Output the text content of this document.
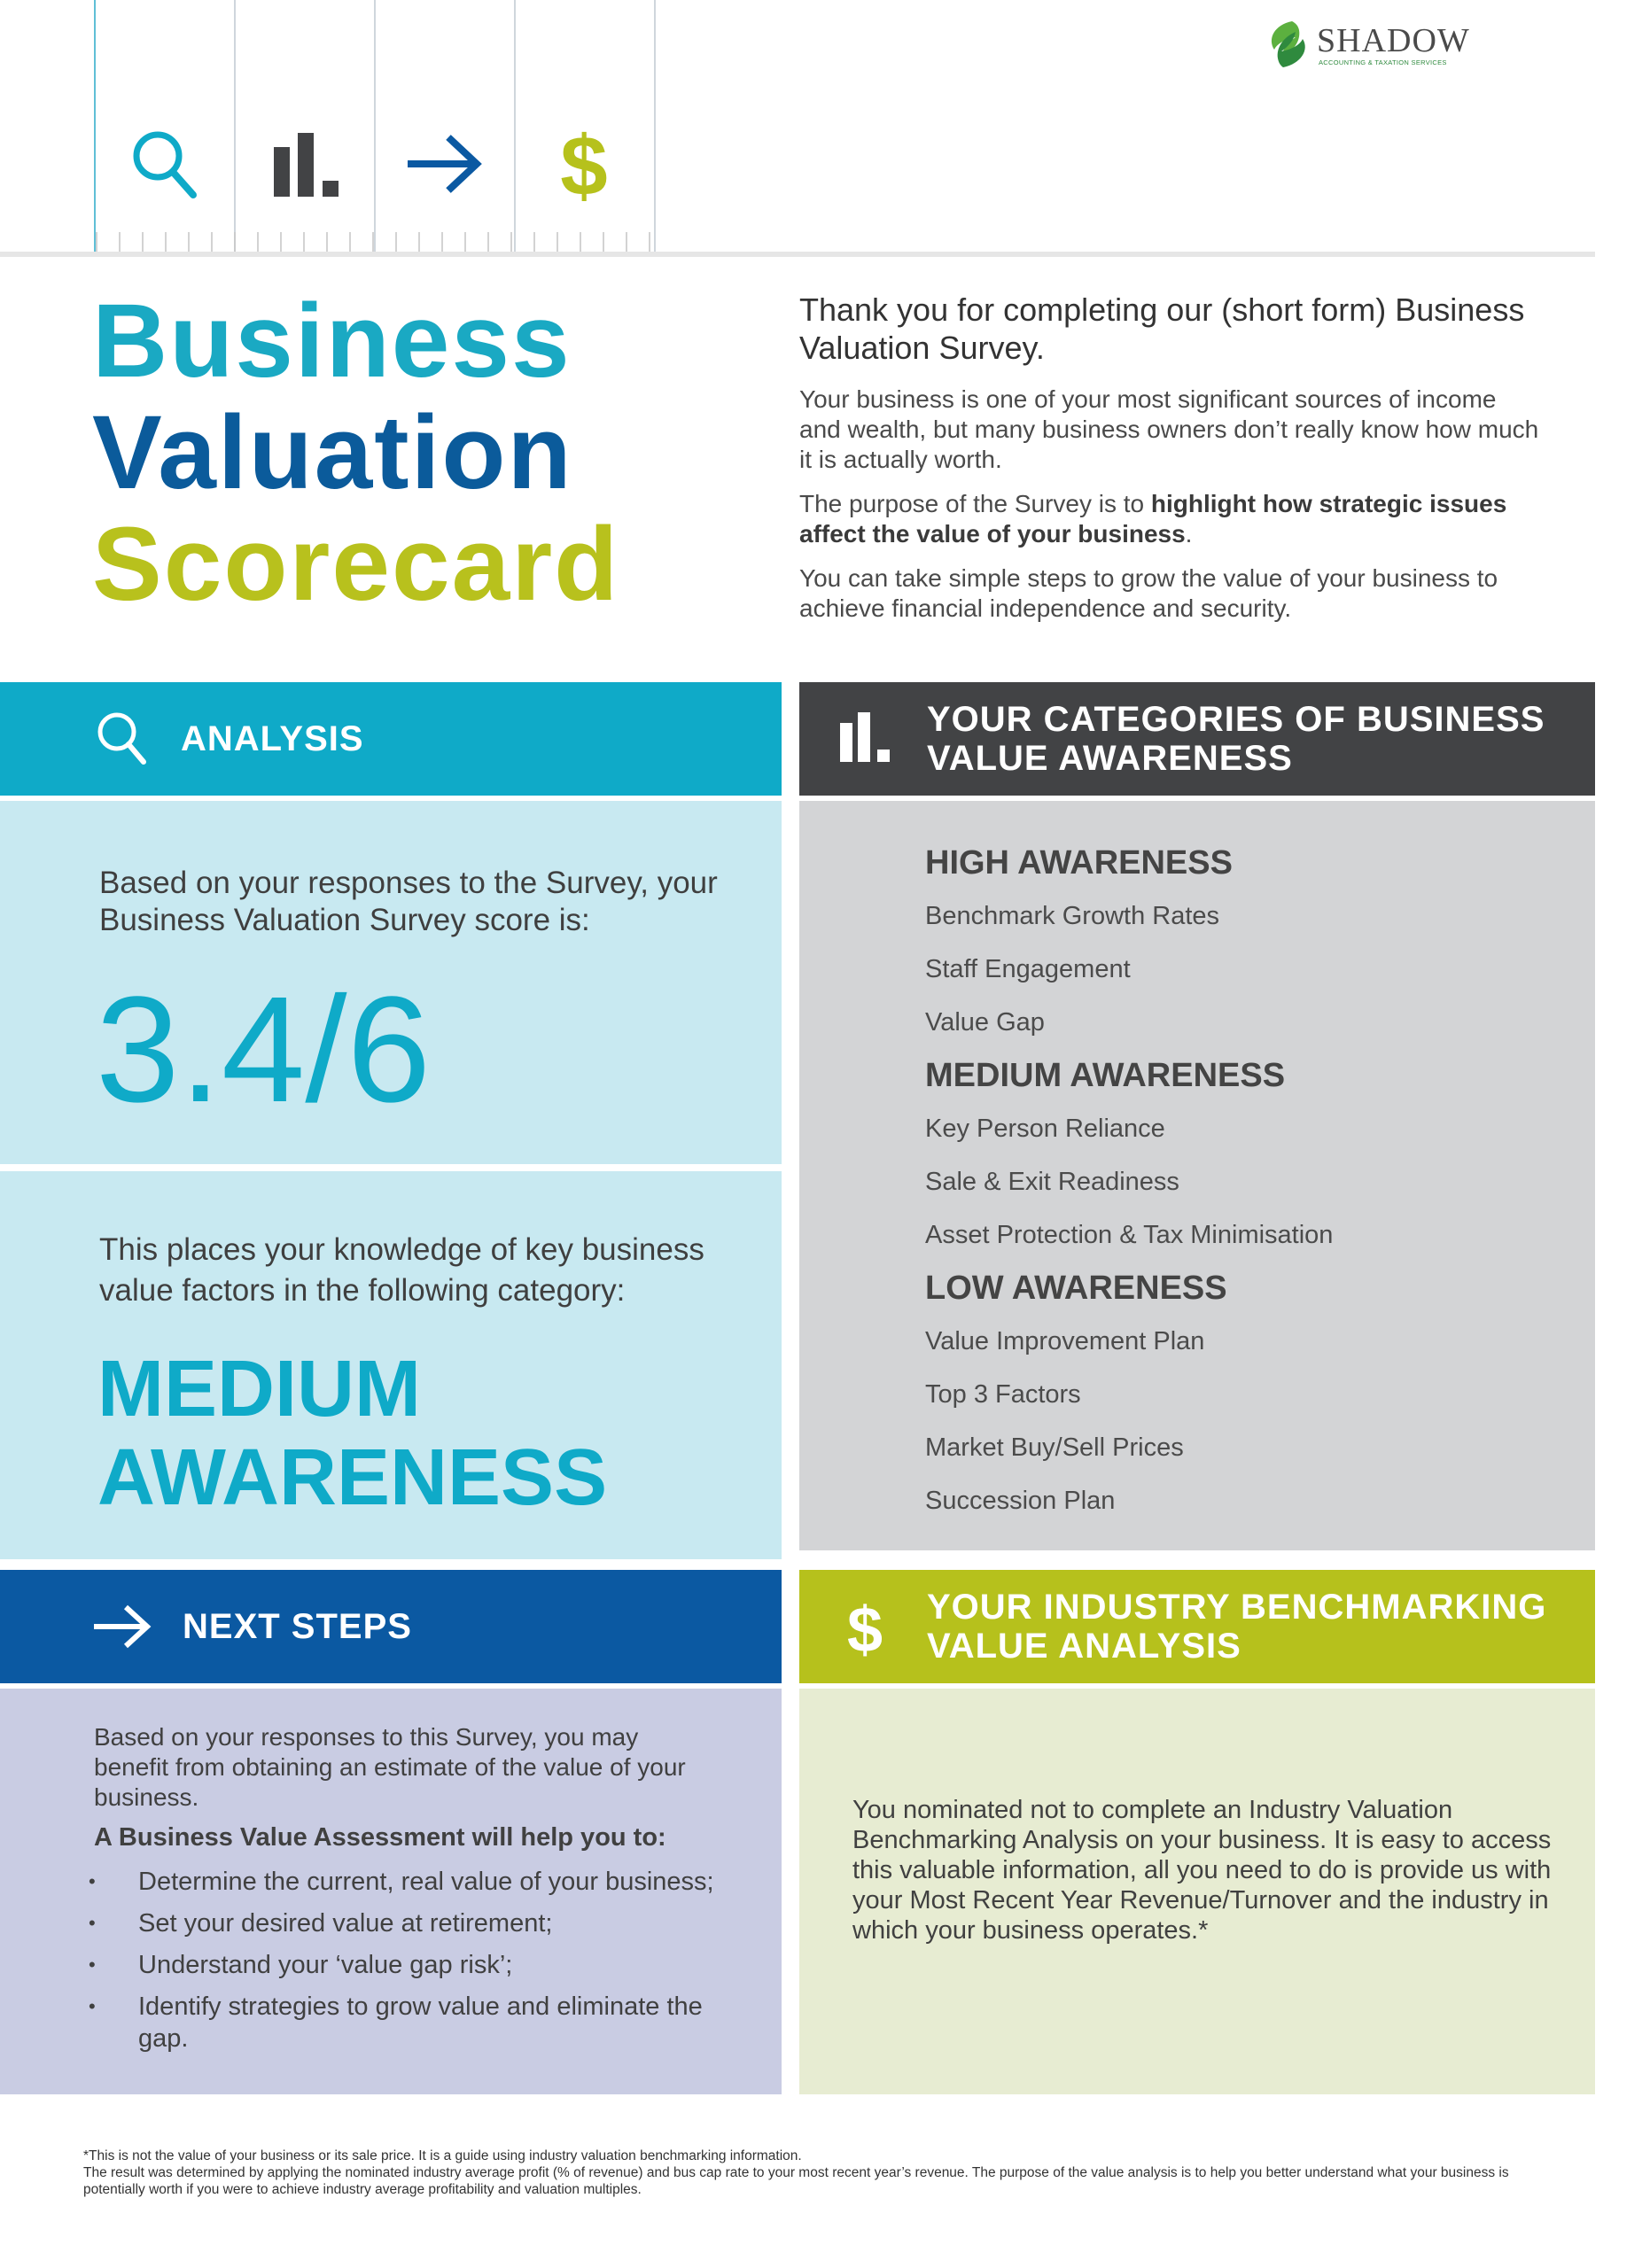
$
SHADOW
ACCOUNTING & TAXATION SERVICES
Business
Valuation
Scorecard
Thank you for completing our (short form) Business Valuation Survey.

Your business is one of your most significant sources of income and wealth, but many business owners don’t really know how much it is actually worth.

The purpose of the Survey is to highlight how strategic issues affect the value of your business.

You can take simple steps to grow the value of your business to achieve financial independence and security.

ANALYSIS
Based on your responses to the Survey, your Business Valuation Survey score is:
3.4/6
This places your knowledge of key business value factors in the following category:
MEDIUM
AWARENESS
YOUR CATEGORIES OF BUSINESS VALUE AWARENESS
HIGH AWARENESS
Benchmark Growth Rates
Staff Engagement
Value Gap
MEDIUM AWARENESS
Key Person Reliance
Sale & Exit Readiness
Asset Protection & Tax Minimisation
LOW AWARENESS
Value Improvement Plan
Top 3 Factors
Market Buy/Sell Prices
Succession Plan
NEXT STEPS
Based on your responses to this Survey, you may benefit from obtaining an estimate of the value of your business.
A Business Value Assessment will help you to:
• Determine the current, real value of your business;
• Set your desired value at retirement;
• Understand your ‘value gap risk’;
• Identify strategies to grow value and eliminate the gap.
$ YOUR INDUSTRY BENCHMARKING VALUE ANALYSIS
You nominated not to complete an Industry Valuation Benchmarking Analysis on your business. It is easy to access this valuable information, all you need to do is provide us with your Most Recent Year Revenue/Turnover and the industry in which your business operates.*
*This is not the value of your business or its sale price. It is a guide using industry valuation benchmarking information.
The result was determined by applying the nominated industry average profit (% of revenue) and bus cap rate to your most recent year’s revenue. The purpose of the value analysis is to help you better understand what your business is potentially worth if you were to achieve industry average profitability and valuation multiples.
